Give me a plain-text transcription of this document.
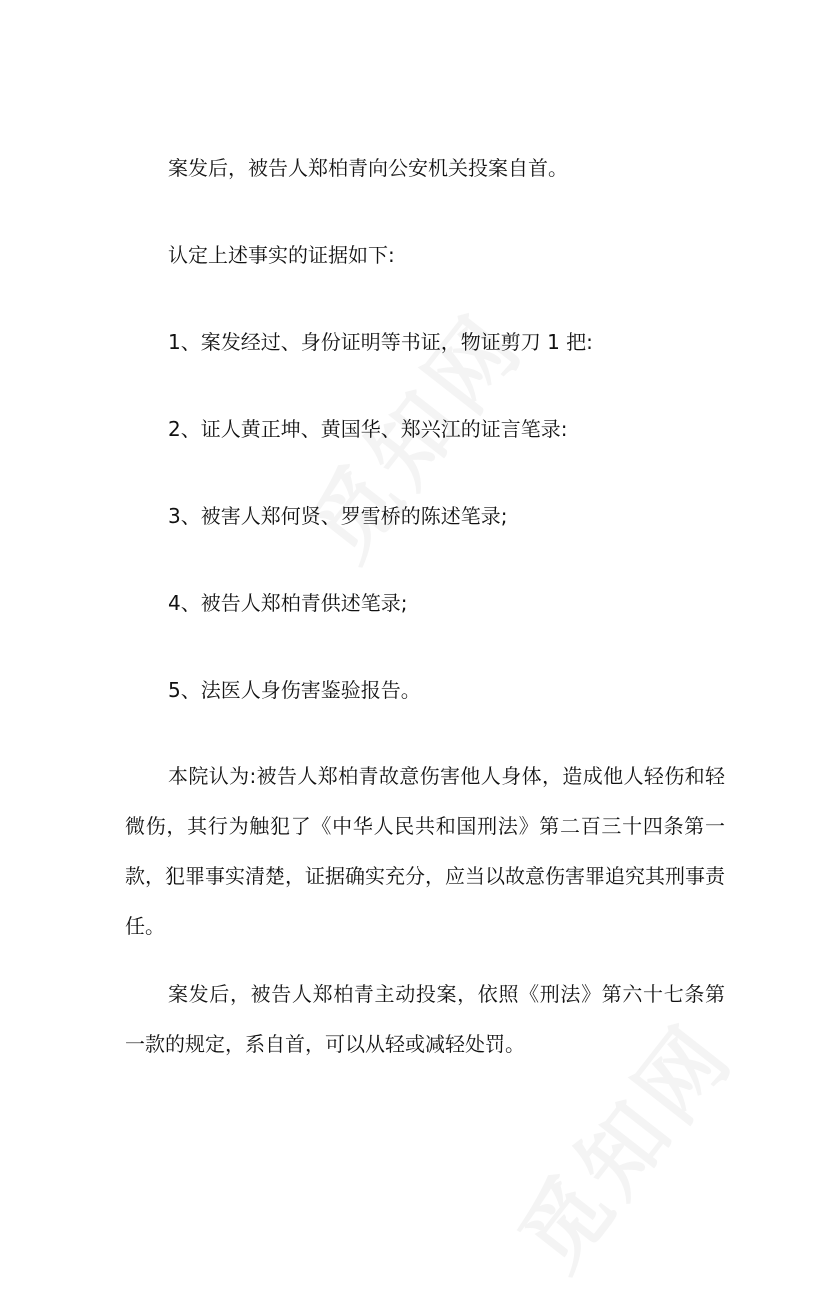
案发后，被告人郑柏青向公安机关投案自首。

认定上述事实的证据如下:

1、案发经过、身份证明等书证，物证剪刀 1 把:

2、证人黄正坤、黄国华、郑兴江的证言笔录:

3、被害人郑何贤、罗雪桥的陈述笔录;

4、被告人郑柏青供述笔录;

5、法医人身伤害鉴验报告。

本院认为:被告人郑柏青故意伤害他人身体，造成他人轻伤和轻微伤，其行为触犯了《中华人民共和国刑法》第二百三十四条第一款，犯罪事实清楚，证据确实充分，应当以故意伤害罪追究其刑事责任。

案发后，被告人郑柏青主动投案，依照《刑法》第六十七条第一款的规定，系自首，可以从轻或减轻处罚。
